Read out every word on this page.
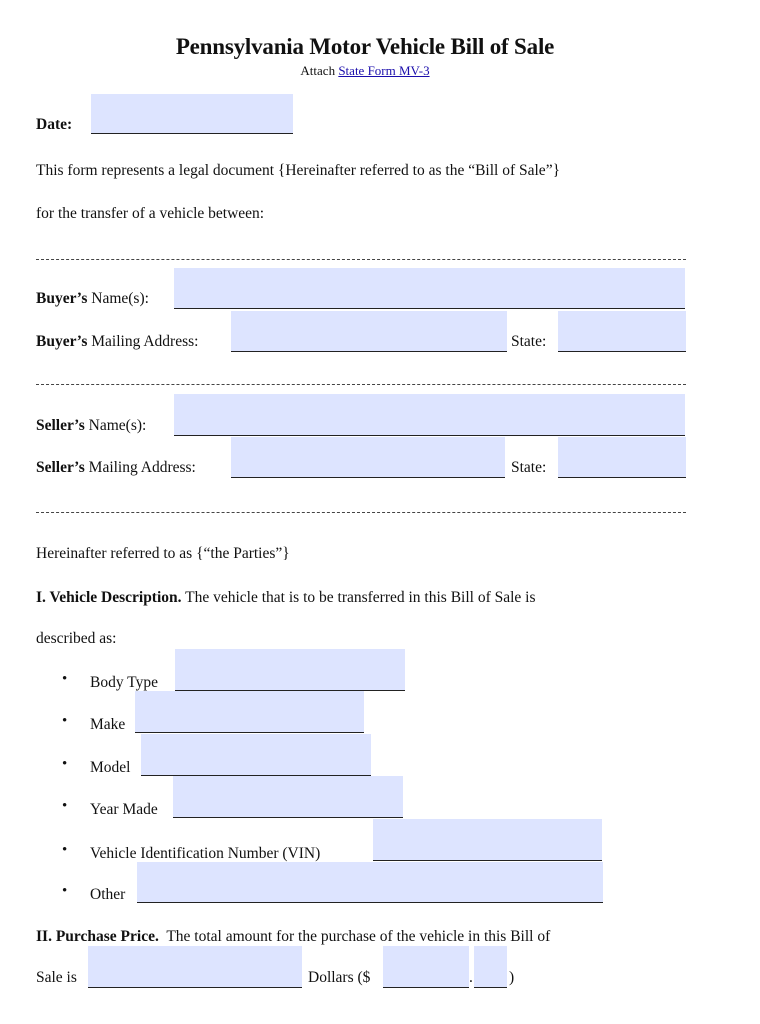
Pennsylvania Motor Vehicle Bill of Sale
Attach State Form MV-3
Date:
This form represents a legal document {Hereinafter referred to as the “Bill of Sale”}
for the transfer of a vehicle between:
Buyer’s Name(s):
Buyer’s Mailing Address:	State:
Seller’s Name(s):
Seller’s Mailing Address:	State:
Hereinafter referred to as {“the Parties”}
I. Vehicle Description. The vehicle that is to be transferred in this Bill of Sale is
described as:
• Body Type
• Make
• Model
• Year Made
• Vehicle Identification Number (VIN)
• Other
II. Purchase Price. The total amount for the purchase of the vehicle in this Bill of
Sale is	Dollars ($	. )
